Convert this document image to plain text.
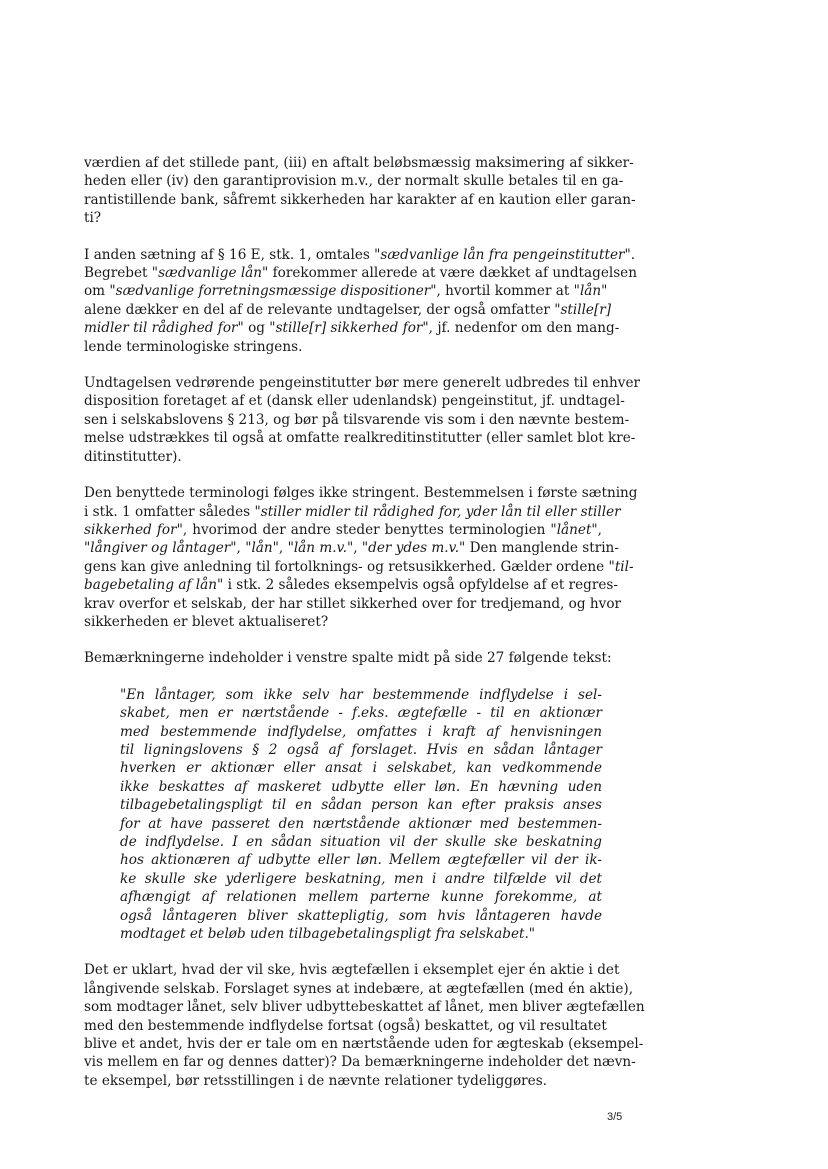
værdien af det stillede pant, (iii) en aftalt beløbsmæssig maksimering af sikker-
heden eller (iv) den garantiprovision m.v., der normalt skulle betales til en ga-
rantistillende bank, såfremt sikkerheden har karakter af en kaution eller garan-
ti?
I anden sætning af § 16 E, stk. 1, omtales "sædvanlige lån fra pengeinstitutter".
Begrebet "sædvanlige lån" forekommer allerede at være dækket af undtagelsen
om "sædvanlige forretningsmæssige dispositioner", hvortil kommer at "lån"
alene dækker en del af de relevante undtagelser, der også omfatter "stille[r]
midler til rådighed for" og "stille[r] sikkerhed for", jf. nedenfor om den mang-
lende terminologiske stringens.
Undtagelsen vedrørende pengeinstitutter bør mere generelt udbredes til enhver
disposition foretaget af et (dansk eller udenlandsk) pengeinstitut, jf. undtagel-
sen i selskabslovens § 213, og bør på tilsvarende vis som i den nævnte bestem-
melse udstrækkes til også at omfatte realkreditinstitutter (eller samlet blot kre-
ditinstitutter).
Den benyttede terminologi følges ikke stringent. Bestemmelsen i første sætning
i stk. 1 omfatter således "stiller midler til rådighed for, yder lån til eller stiller
sikkerhed for", hvorimod der andre steder benyttes terminologien "lånet",
"långiver og låntager", "lån", "lån m.v.", "der ydes m.v." Den manglende strin-
gens kan give anledning til fortolknings- og retsusikkerhed. Gælder ordene "til-
bagebetaling af lån" i stk. 2 således eksempelvis også opfyldelse af et regres-
krav overfor et selskab, der har stillet sikkerhed over for tredjemand, og hvor
sikkerheden er blevet aktualiseret?
Bemærkningerne indeholder i venstre spalte midt på side 27 følgende tekst:
"En låntager, som ikke selv har bestemmende indflydelse i sel-
skabet, men er nærtstående - f.eks. ægtefælle - til en aktionær
med bestemmende indflydelse, omfattes i kraft af henvisningen
til ligningslovens § 2 også af forslaget. Hvis en sådan låntager
hverken er aktionær eller ansat i selskabet, kan vedkommende
ikke beskattes af maskeret udbytte eller løn. En hævning uden
tilbagebetalingspligt til en sådan person kan efter praksis anses
for at have passeret den nærtstående aktionær med bestemmen-
de indflydelse. I en sådan situation vil der skulle ske beskatning
hos aktionæren af udbytte eller løn. Mellem ægtefæller vil der ik-
ke skulle ske yderligere beskatning, men i andre tilfælde vil det
afhængigt af relationen mellem parterne kunne forekomme, at
også låntageren bliver skattepligtig, som hvis låntageren havde
modtaget et beløb uden tilbagebetalingspligt fra selskabet."
Det er uklart, hvad der vil ske, hvis ægtefællen i eksemplet ejer én aktie i det
långivende selskab. Forslaget synes at indebære, at ægtefællen (med én aktie),
som modtager lånet, selv bliver udbyttebeskattet af lånet, men bliver ægtefællen
med den bestemmende indflydelse fortsat (også) beskattet, og vil resultatet
blive et andet, hvis der er tale om en nærtstående uden for ægteskab (eksempel-
vis mellem en far og dennes datter)? Da bemærkningerne indeholder det nævn-
te eksempel, bør retsstillingen i de nævnte relationer tydeliggøres.
3/5
